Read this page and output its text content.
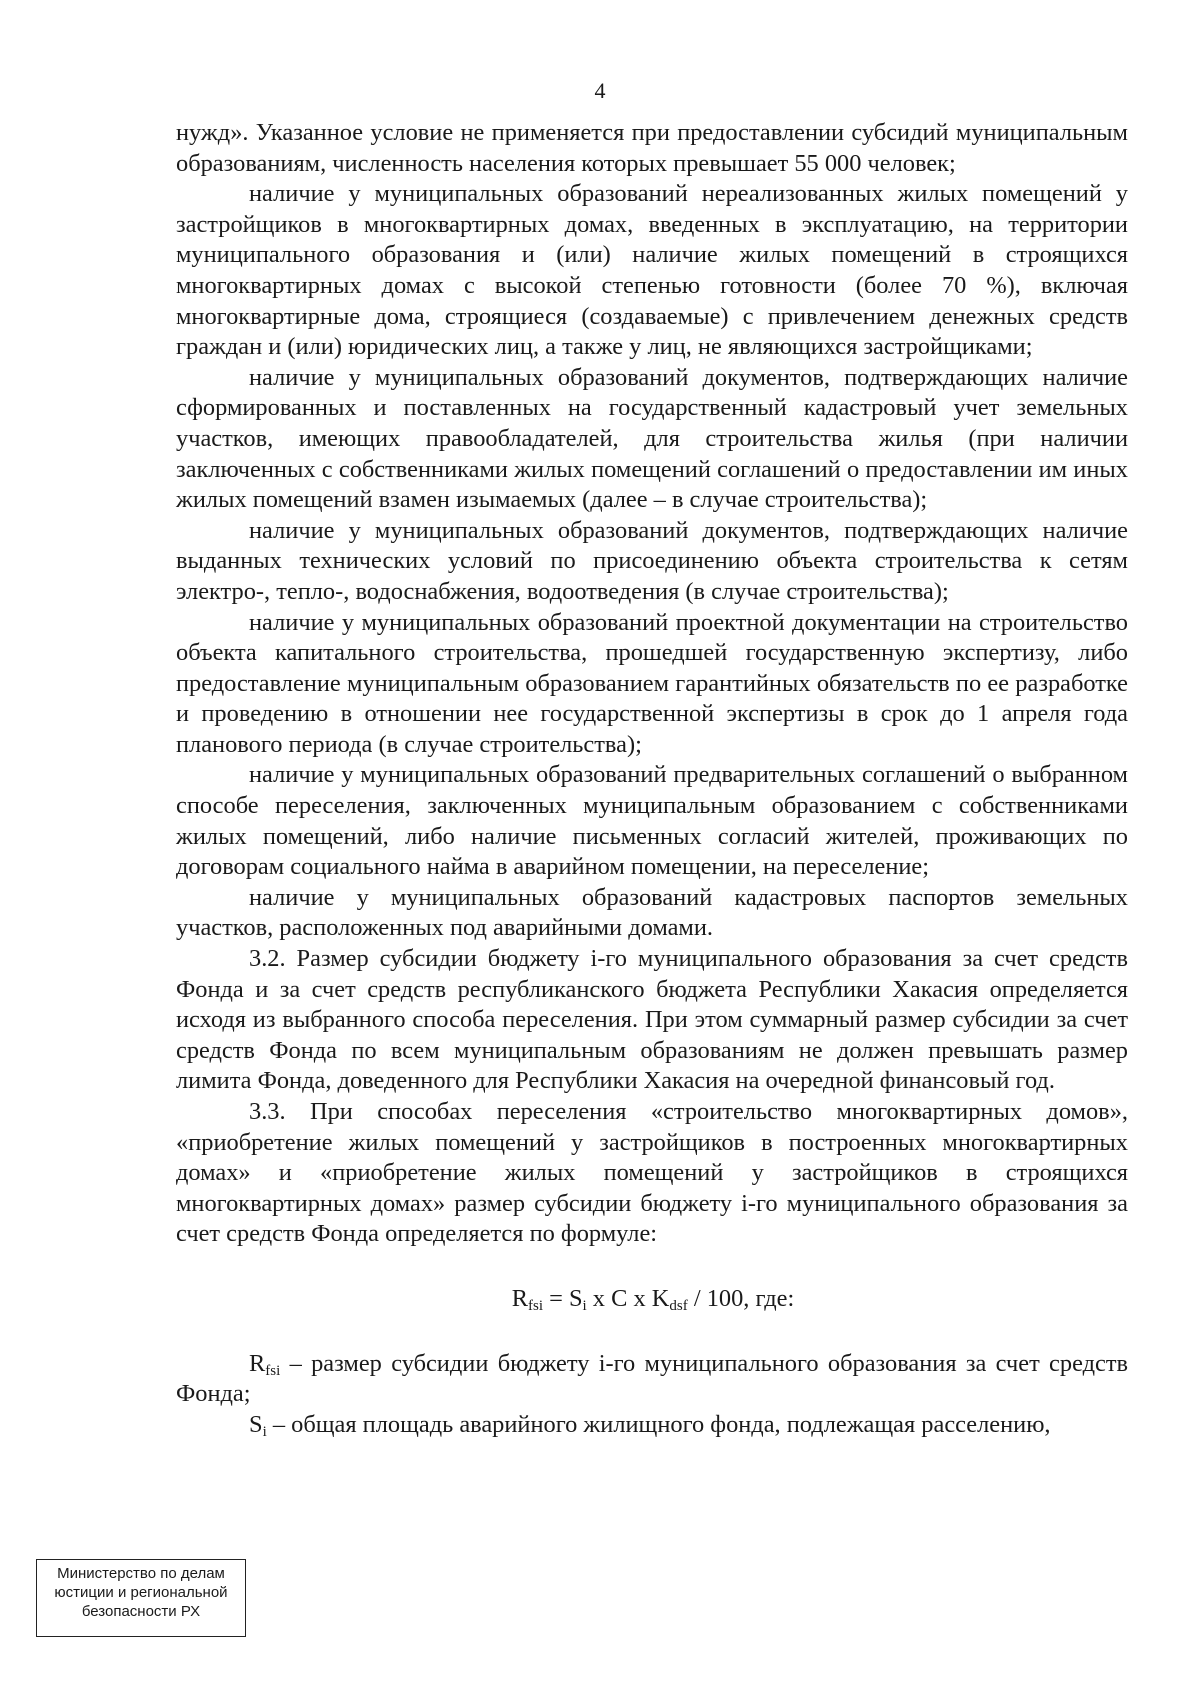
4

нужд». Указанное условие не применяется при предоставлении субсидий муниципальным образованиям, численность населения которых превышает 55 000 человек;

наличие у муниципальных образований нереализованных жилых помещений у застройщиков в многоквартирных домах, введенных в эксплуатацию, на территории муниципального образования и (или) наличие жилых помещений в строящихся многоквартирных домах с высокой степенью готовности (более 70 %), включая многоквартирные дома, строящиеся (создаваемые) с привлечением денежных средств граждан и (или) юридических лиц, а также у лиц, не являющихся застройщиками;

наличие у муниципальных образований документов, подтверждающих наличие сформированных и поставленных на государственный кадастровый учет земельных участков, имеющих правообладателей, для строительства жилья (при наличии заключенных с собственниками жилых помещений соглашений о предоставлении им иных жилых помещений взамен изымаемых (далее – в случае строительства);

наличие у муниципальных образований документов, подтверждающих наличие выданных технических условий по присоединению объекта строительства к сетям электро-, тепло-, водоснабжения, водоотведения (в случае строительства);

наличие у муниципальных образований проектной документации на строительство объекта капитального строительства, прошедшей государственную экспертизу, либо предоставление муниципальным образованием гарантийных обязательств по ее разработке и проведению в отношении нее государственной экспертизы в срок до 1 апреля года планового периода (в случае строительства);

наличие у муниципальных образований предварительных соглашений о выбранном способе переселения, заключенных муниципальным образованием с собственниками жилых помещений, либо наличие письменных согласий жителей, проживающих по договорам социального найма в аварийном помещении, на переселение;

наличие у муниципальных образований кадастровых паспортов земельных участков, расположенных под аварийными домами.

3.2. Размер субсидии бюджету i-го муниципального образования за счет средств Фонда и за счет средств республиканского бюджета Республики Хакасия определяется исходя из выбранного способа переселения. При этом суммарный размер субсидии за счет средств Фонда по всем муниципальным образованиям не должен превышать размер лимита Фонда, доведенного для Республики Хакасия на очередной финансовый год.

3.3. При способах переселения «строительство многоквартирных домов», «приобретение жилых помещений у застройщиков в построенных многоквартирных домах» и «приобретение жилых помещений у застройщиков в строящихся многоквартирных домах» размер субсидии бюджету i-го муниципального образования за счет средств Фонда определяется по формуле:

$R_{fsi} = S_i$ x C x $K_{dsf} / 100$, где:

$R_{fsi}$ – размер субсидии бюджету i-го муниципального образования за счет средств Фонда;

$S_i$ – общая площадь аварийного жилищного фонда, подлежащая расселению,

Министерство по делам
юстиции и региональной
безопасности РХ
